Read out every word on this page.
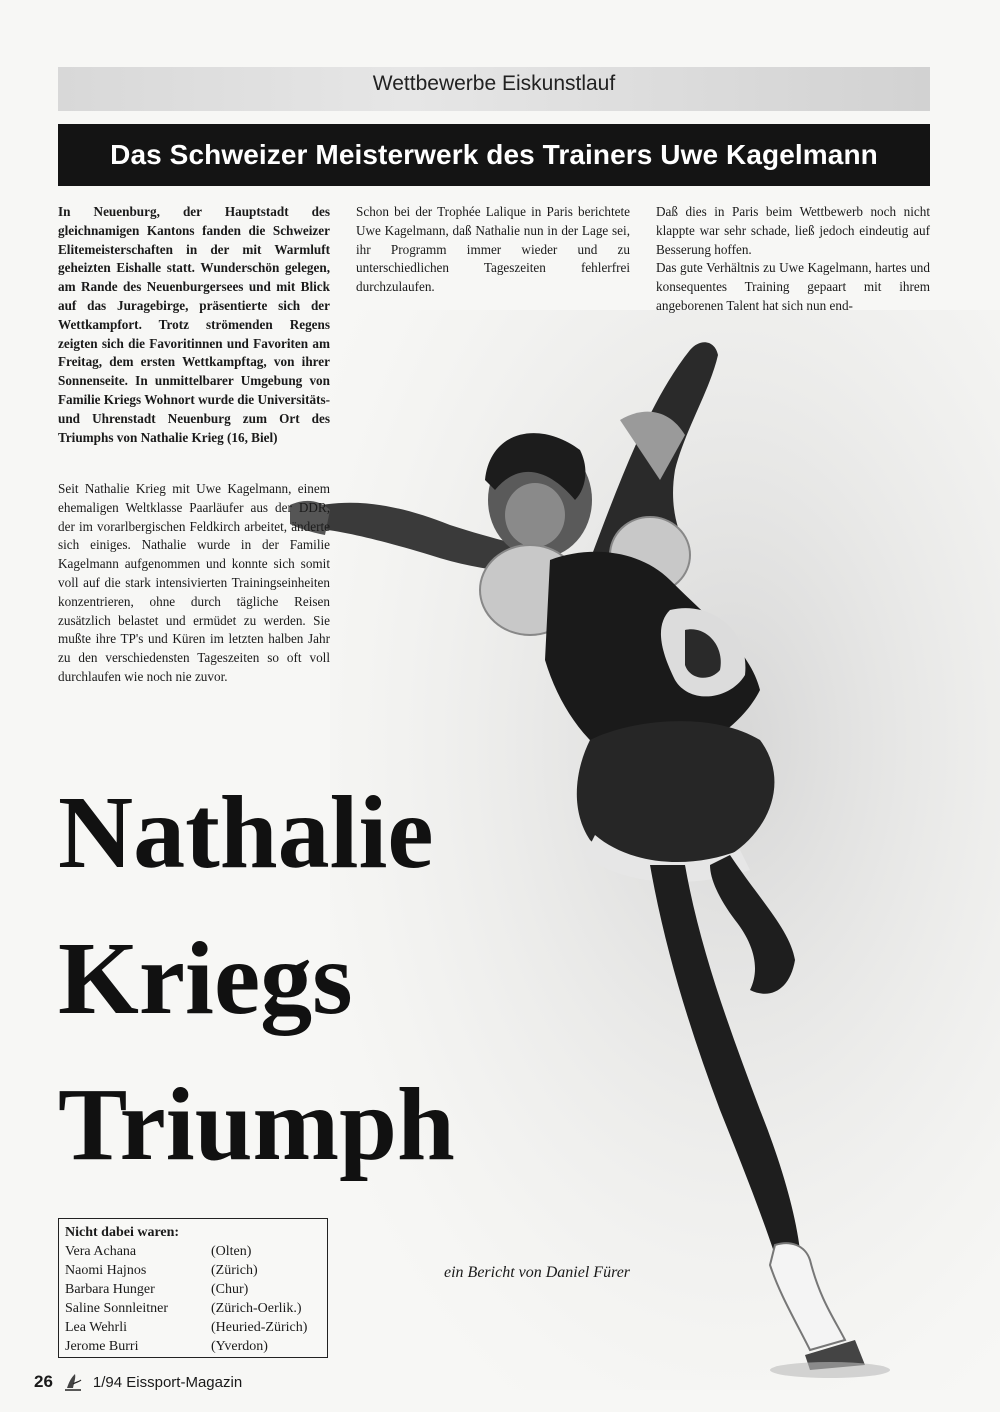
Wettbewerbe Eiskunstlauf
Das Schweizer Meisterwerk des Trainers Uwe Kagelmann

In Neuenburg, der Hauptstadt des gleichnamigen Kantons fanden die Schweizer Elitemeisterschaften in der mit Warmluft geheizten Eishalle statt. Wunderschön gelegen, am Rande des Neuenburgersees und mit Blick auf das Juragebirge, präsentierte sich der Wettkampfort. Trotz strömenden Regens zeigten sich die Favoritinnen und Favoriten am Freitag, dem ersten Wettkampftag, von ihrer Sonnenseite. In unmittelbarer Umgebung von Familie Kriegs Wohnort wurde die Universitäts- und Uhrenstadt Neuenburg zum Ort des Triumphs von Nathalie Krieg (16, Biel)

Seit Nathalie Krieg mit Uwe Kagelmann, einem ehemaligen Weltklasse Paarläufer aus der DDR, der im vorarlbergischen Feldkirch arbeitet, änderte sich einiges. Nathalie wurde in der Familie Kagelmann aufgenommen und konnte sich somit voll auf die stark intensivierten Trainingseinheiten konzentrieren, ohne durch tägliche Reisen zusätzlich belastet und ermüdet zu werden. Sie mußte ihre TP's und Küren im letzten halben Jahr zu den verschiedensten Tageszeiten so oft voll durchlaufen wie noch nie zuvor.

Schon bei der Trophée Lalique in Paris berichtete Uwe Kagelmann, daß Nathalie nun in der Lage sei, ihr Programm immer wieder und zu unterschiedlichen Tageszeiten fehlerfrei durchzulaufen.

Daß dies in Paris beim Wettbewerb noch nicht klappte war sehr schade, ließ jedoch eindeutig auf Besserung hoffen.

Das gute Verhältnis zu Uwe Kagelmann, hartes und konsequentes Training gepaart mit ihrem angeborenen Talent hat sich nun end-

Nathalie
Kriegs
Triumph
Nicht dabei waren:
Vera Achana	(Olten)
Naomi Hajnos	(Zürich)
Barbara Hunger	(Chur)
Saline Sonnleitner	(Zürich-Oerlik.)
Lea Wehrli	(Heuried-Zürich)
Jerome Burri	(Yverdon)
ein Bericht von Daniel Fürer
26	1/94 Eissport-Magazin
